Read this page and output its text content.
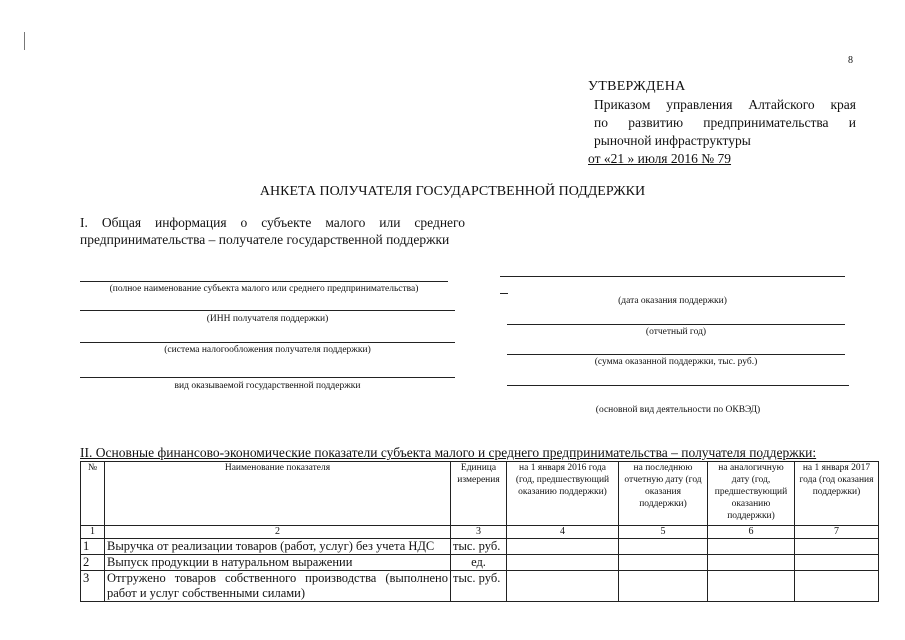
8
УТВЕРЖДЕНА
Приказом управления Алтайского края
по развитию предпринимательства и
рыночной инфраструктуры
от «21 » июля 2016 № 79
АНКЕТА ПОЛУЧАТЕЛЯ ГОСУДАРСТВЕННОЙ ПОДДЕРЖКИ
I. Общая информация о субъекте малого или среднего предпринимательства – получателе государственной поддержки
(полное наименование субъекта малого или среднего предпринимательства)
(ИНН получателя поддержки)
(система налогообложения получателя поддержки)
вид оказываемой государственной поддержки
(дата оказания поддержки)
(отчетный год)
(сумма оказанной поддержки, тыс. руб.)
(основной вид деятельности по ОКВЭД)
II. Основные финансово-экономические показатели субъекта малого и среднего предпринимательства – получателя поддержки:
№	Наименование показателя	Единица измерения	на 1 января 2016 года (год, предшествующий оказанию поддержки)	на последнюю отчетную дату (год оказания поддержки)	на аналогичную дату (год, предшествующий оказанию поддержки)	на 1 января 2017 года (год оказания поддержки)
1	2	3	4	5	6	7
1	Выручка от реализации товаров (работ, услуг) без учета НДС	тыс. руб.				
2	Выпуск продукции в натуральном выражении	ед.				
3	Отгружено товаров собственного производства (выполнено работ и услуг собственными силами)	тыс. руб.				
